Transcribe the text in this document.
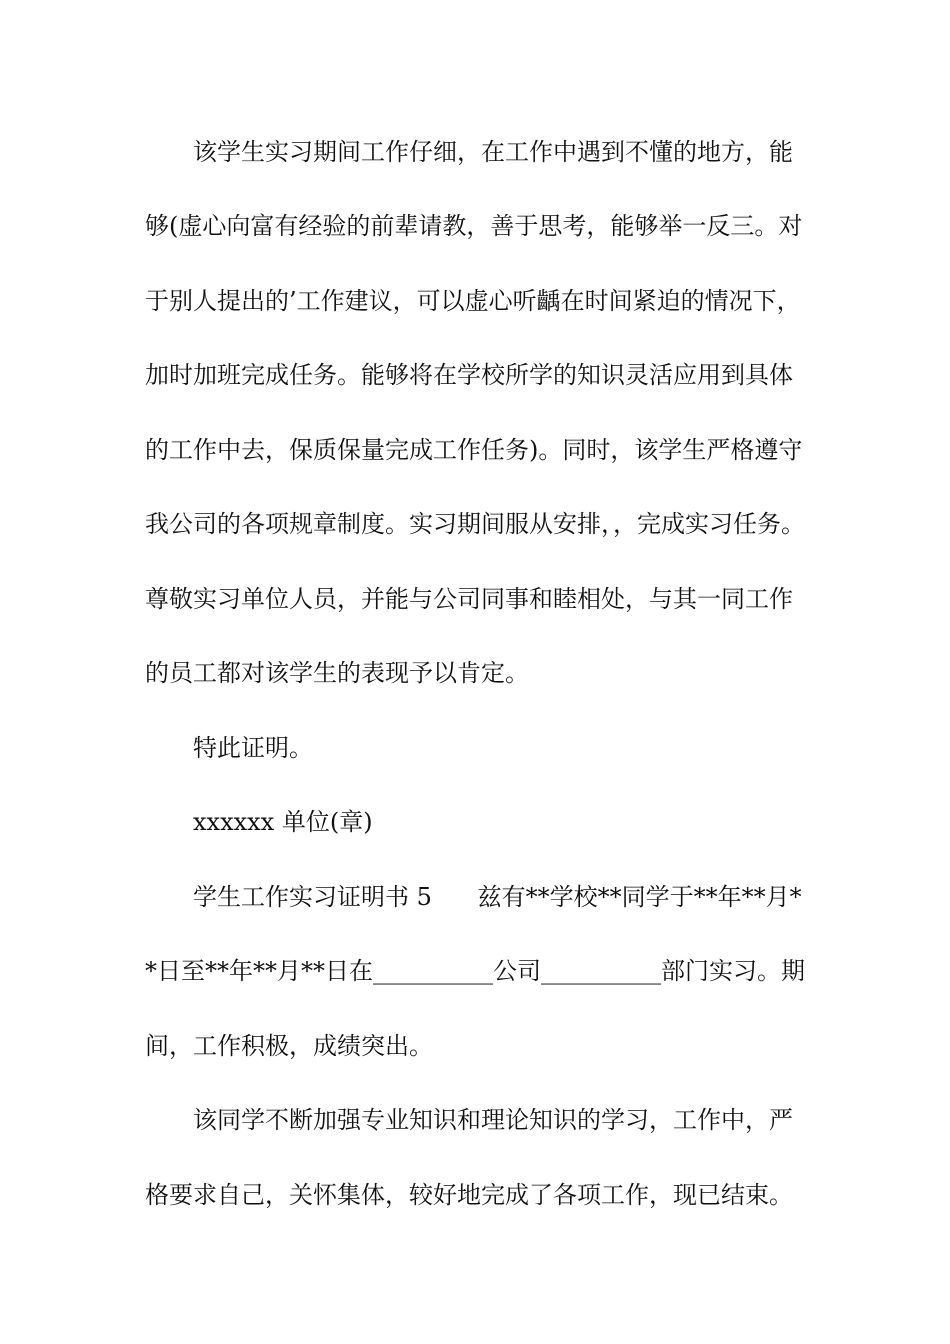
该学生实习期间工作仔细，在工作中遇到不懂的地方，能
够(虚心向富有经验的前辈请教，善于思考，能够举一反三。对
于别人提出的’工作建议，可以虚心听齲在时间紧迫的情况下，
加时加班完成任务。能够将在学校所学的知识灵活应用到具体
的工作中去，保质保量完成工作任务)。同时，该学生严格遵守
我公司的各项规章制度。实习期间服从安排，，完成实习任务。
尊敬实习单位人员，并能与公司同事和睦相处，与其一同工作
的员工都对该学生的表现予以肯定。
特此证明。
xxxxxx 单位(章)
学生工作实习证明书 5      兹有**学校**同学于**年**月*
*日至**年**月**日在__________公司__________部门实习。期
间，工作积极，成绩突出。
该同学不断加强专业知识和理论知识的学习，工作中，严
格要求自己，关怀集体，较好地完成了各项工作，现已结束。
